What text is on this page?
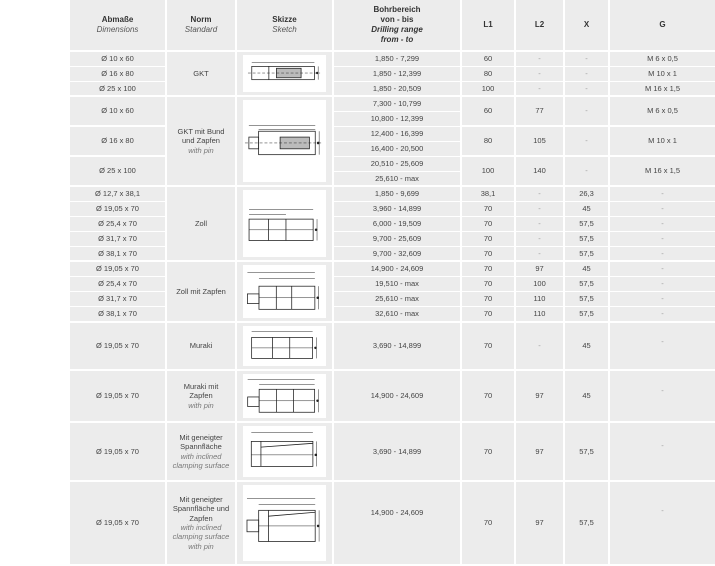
Abmaße
Dimensions
Ø 10 x 60
Ø 16 x 80
Ø 25 x 100
Ø 10 x 60
Ø 16 x 80
Ø 25 x 100
Ø 12,7 x 38,1
Ø 19,05 x 70
Ø 25,4 x 70
Ø 31,7 x 70
Ø 38,1 x 70
Ø 19,05 x 70
Ø 25,4 x 70
Ø 31,7 x 70
Ø 38,1 x 70
Ø 19,05 x 70
Ø 19,05 x 70
Ø 19,05 x 70
Ø 19,05 x 70
Norm
Standard
GKT
GKT mit Bund und Zapfen
with pin
Zoll
Zoll mit Zapfen
Muraki
Muraki mit Zapfen
with pin
Mit geneigter Spannfläche
with inclined clamping surface
Mit geneigter Spannfläche und Zapfen
with inclined clamping surface with pin
Skizze
Sketch
Bohrbereich
von - bis
Drilling range
from - to
1,850 - 7,299
1,850 - 12,399
1,850 - 20,509
7,300 - 10,799
10,800 - 12,399
12,400 - 16,399
16,400 - 20,500
20,510 - 25,609
25,610 - max
1,850 - 9,699
3,960 - 14,899
6,000 - 19,509
9,700 - 25,609
9,700 - 32,609
14,900 - 24,609
19,510 - max
25,610 - max
32,610 - max
3,690 - 14,899
14,900 - 24,609
3,690 - 14,899
14,900 - 24,609
L1
60
80
100
60
80
100
38,1
70
70
70
70
70
70
70
70
70
70
70
70
L2
-
-
-
77
105
140
-
-
-
-
-
97
100
110
110
-
97
97
97
X
-
-
-
-
-
-
26,3
45
57,5
57,5
57,5
45
57,5
57,5
57,5
45
45
57,5
57,5
G
M 6 x 0,5
M 10 x 1
M 16 x 1,5
M 6 x 0,5
M 10 x 1
M 16 x 1,5
-
-
-
-
-
-
-
-
-
-
-
-
-
